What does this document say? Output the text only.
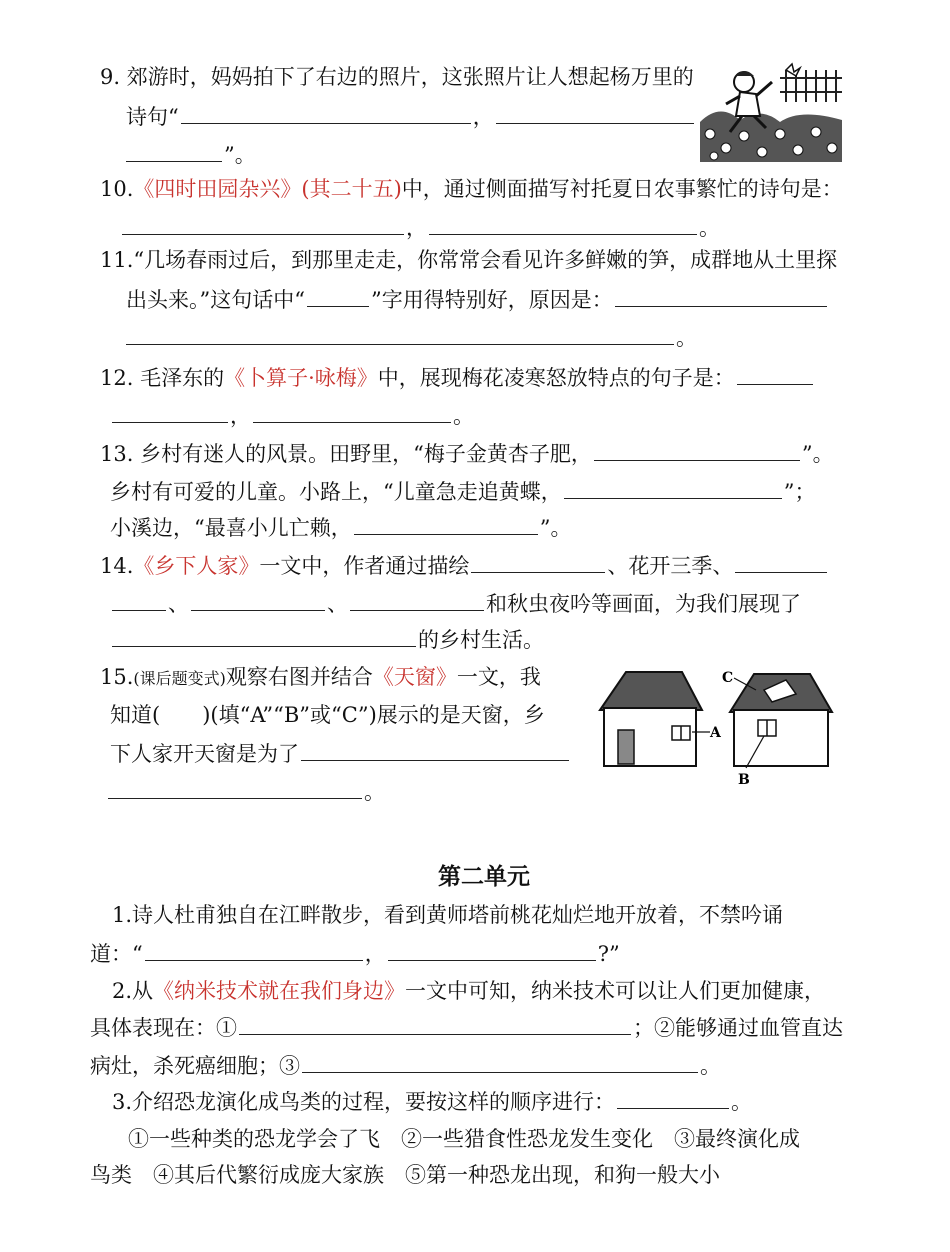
9. 郊游时，妈妈拍下了右边的照片，这张照片让人想起杨万里的
诗句“	，
”。
10.《四时田园杂兴》(其二十五)中，通过侧面描写衬托夏日农事繁忙的诗句是：
，	。
11.“几场春雨过后，到那里走走，你常常会看见许多鲜嫩的笋，成群地从土里探
出头来。”这句话中“	”字用得特别好，原因是：
。
12. 毛泽东的《卜算子·咏梅》中，展现梅花凌寒怒放特点的句子是：
，	。
13. 乡村有迷人的风景。田野里，“梅子金黄杏子肥，	”。
乡村有可爱的儿童。小路上，“儿童急走追黄蝶，	”；
小溪边，“最喜小儿亡赖，	”。
14.《乡下人家》一文中，作者通过描绘	、花开三季、
、	、	和秋虫夜吟等画面，为我们展现了
的乡村生活。
15.(课后题变式)观察右图并结合《天窗》一文，我
知道(　　)(填“A”“B”或“C”)展示的是天窗，乡
下人家开天窗是为了
。
A
C
B
第二单元
1.诗人杜甫独自在江畔散步，看到黄师塔前桃花灿烂地开放着，不禁吟诵
道：“	，	?”
2.从《纳米技术就在我们身边》一文中可知，纳米技术可以让人们更加健康，
具体表现在：①	；②能够通过血管直达
病灶，杀死癌细胞；③	。
3.介绍恐龙演化成鸟类的过程，要按这样的顺序进行：	。
①一些种类的恐龙学会了飞　②一些猎食性恐龙发生变化　③最终演化成
鸟类　④其后代繁衍成庞大家族　⑤第一种恐龙出现，和狗一般大小
